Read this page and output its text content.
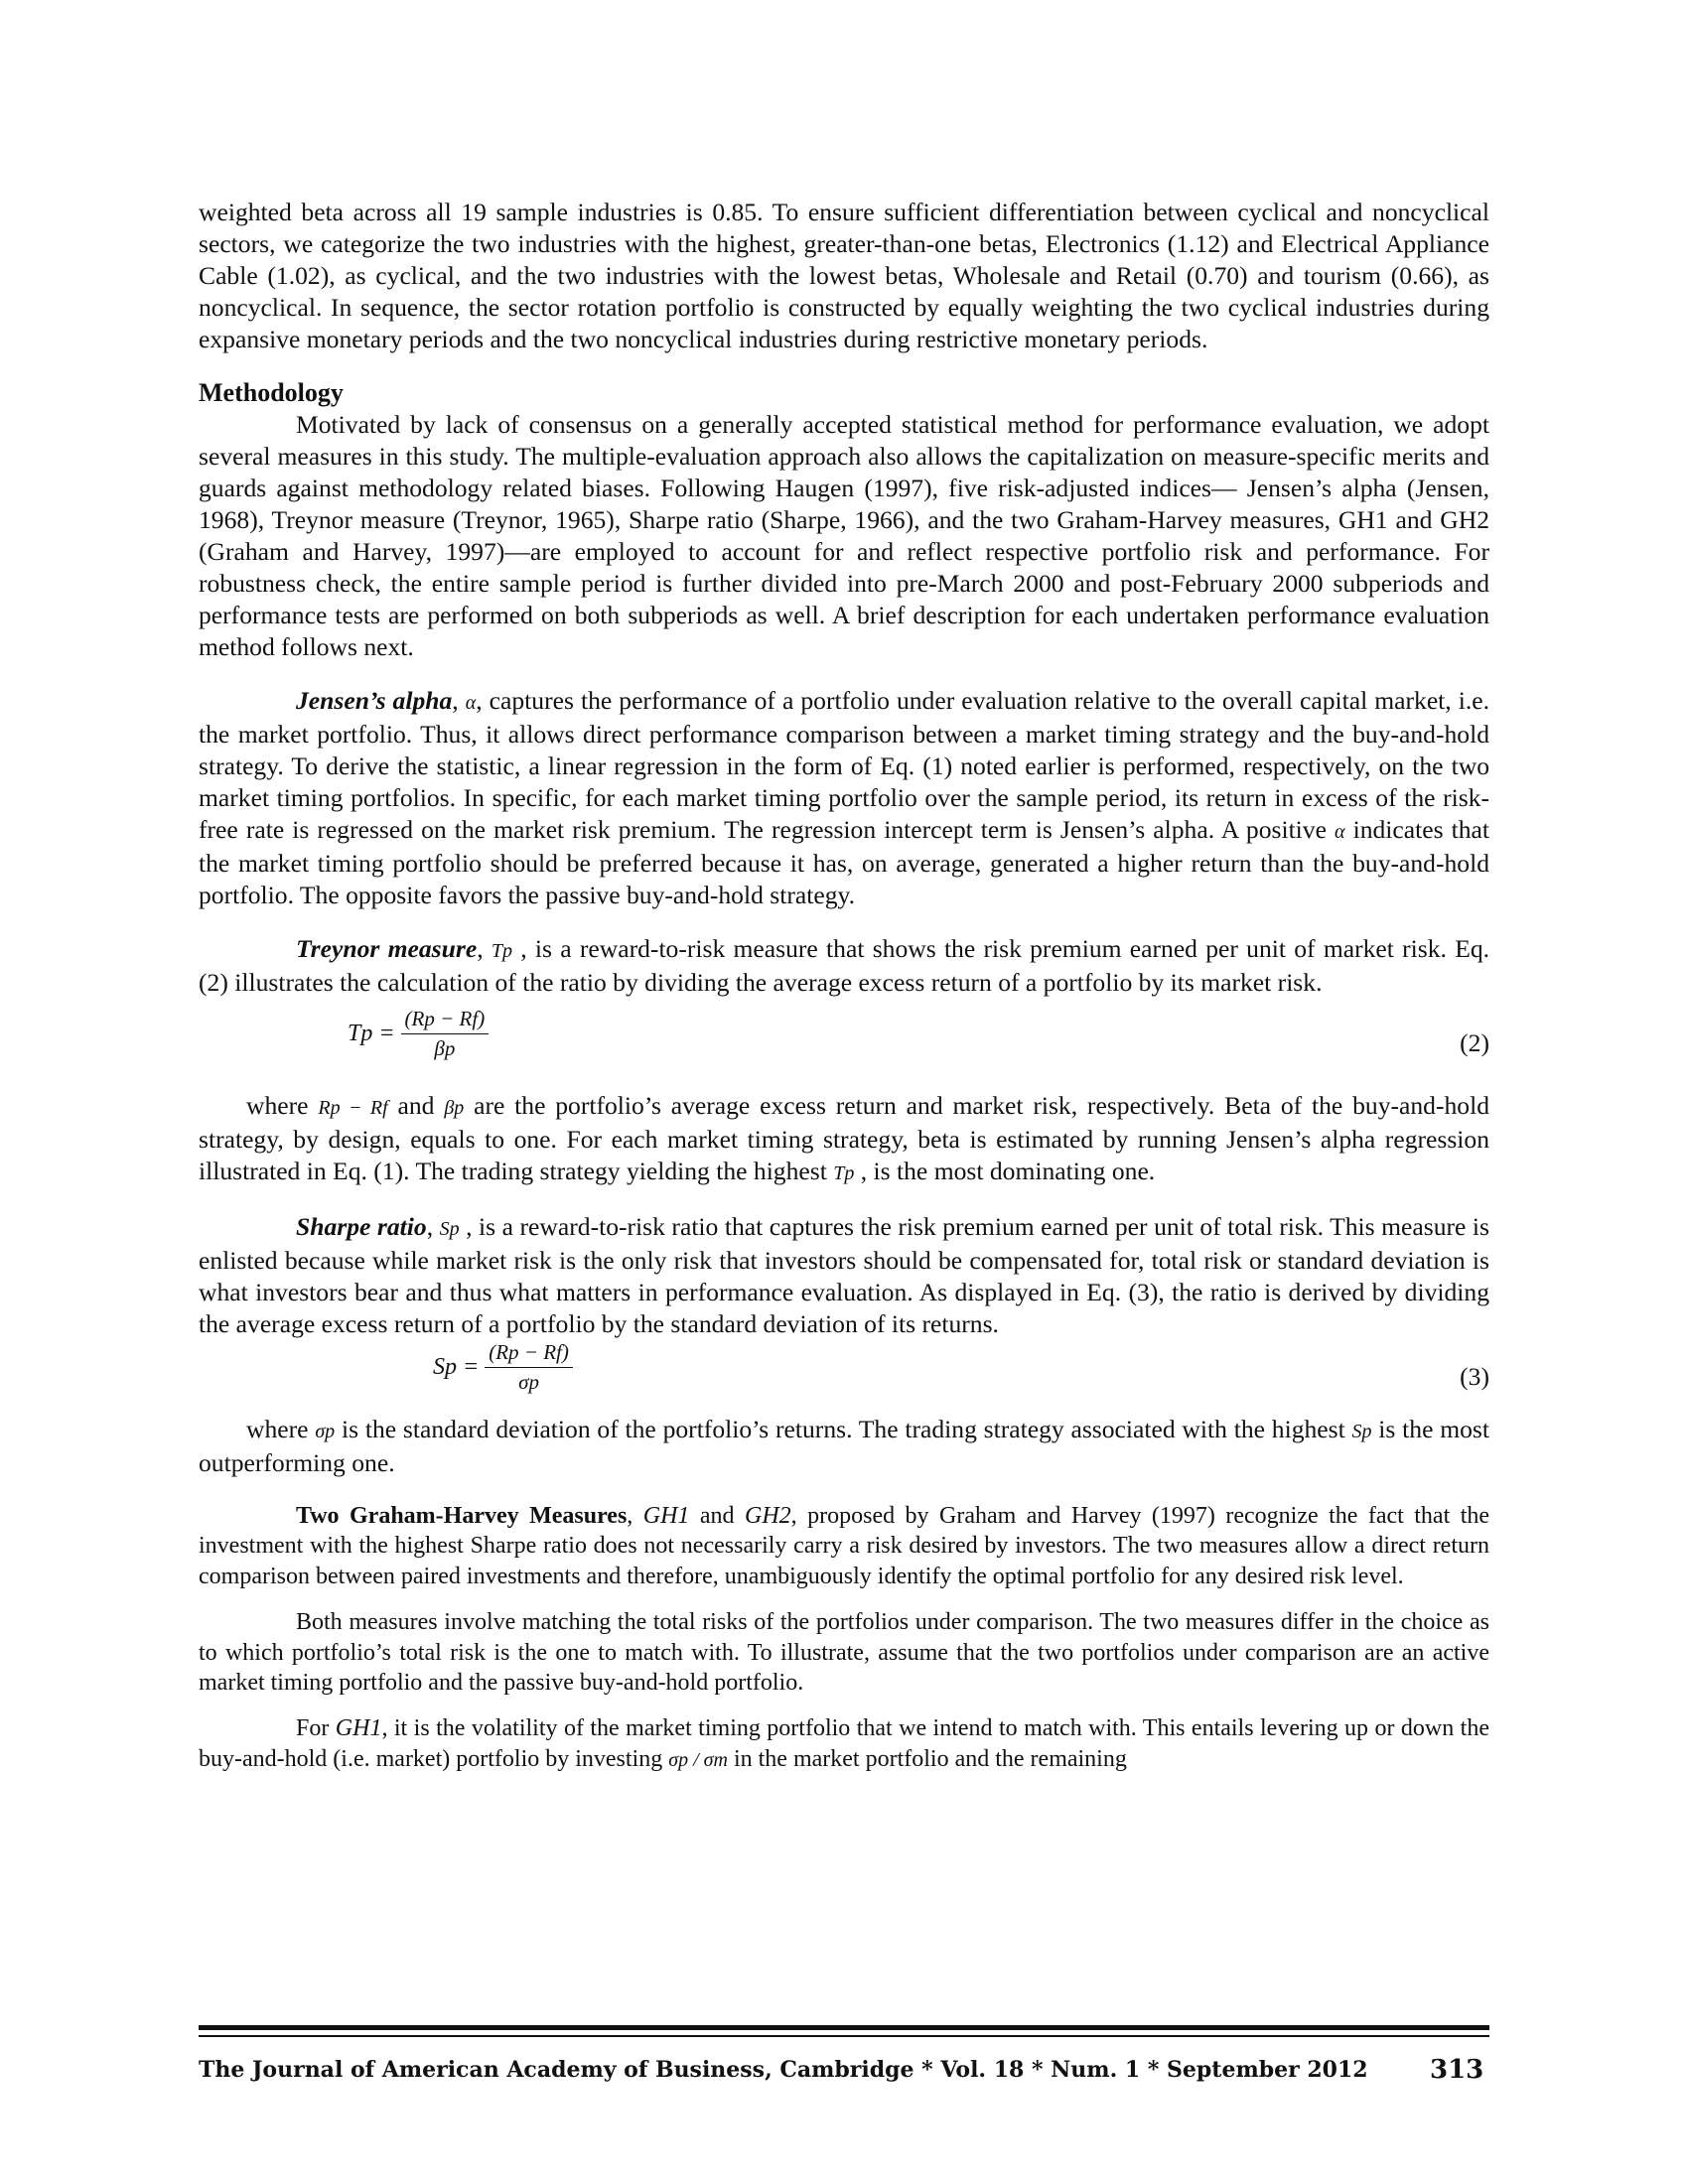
weighted beta across all 19 sample industries is 0.85. To ensure sufficient differentiation between cyclical and noncyclical sectors, we categorize the two industries with the highest, greater-than-one betas, Electronics (1.12) and Electrical Appliance Cable (1.02), as cyclical, and the two industries with the lowest betas, Wholesale and Retail (0.70) and tourism (0.66), as noncyclical. In sequence, the sector rotation portfolio is constructed by equally weighting the two cyclical industries during expansive monetary periods and the two noncyclical industries during restrictive monetary periods.

Methodology

Motivated by lack of consensus on a generally accepted statistical method for performance evaluation, we adopt several measures in this study. The multiple-evaluation approach also allows the capitalization on measure-specific merits and guards against methodology related biases. Following Haugen (1997), five risk-adjusted indices— Jensen’s alpha (Jensen, 1968), Treynor measure (Treynor, 1965), Sharpe ratio (Sharpe, 1966), and the two Graham-Harvey measures, GH1 and GH2 (Graham and Harvey, 1997)—are employed to account for and reflect respective portfolio risk and performance. For robustness check, the entire sample period is further divided into pre-March 2000 and post-February 2000 subperiods and performance tests are performed on both subperiods as well. A brief description for each undertaken performance evaluation method follows next.

Jensen’s alpha, α, captures the performance of a portfolio under evaluation relative to the overall capital market, i.e. the market portfolio. Thus, it allows direct performance comparison between a market timing strategy and the buy-and-hold strategy. To derive the statistic, a linear regression in the form of Eq. (1) noted earlier is performed, respectively, on the two market timing portfolios. In specific, for each market timing portfolio over the sample period, its return in excess of the risk-free rate is regressed on the market risk premium. The regression intercept term is Jensen’s alpha. A positive α indicates that the market timing portfolio should be preferred because it has, on average, generated a higher return than the buy-and-hold portfolio. The opposite favors the passive buy-and-hold strategy.

Treynor measure, Tp , is a reward-to-risk measure that shows the risk premium earned per unit of market risk. Eq. (2) illustrates the calculation of the ratio by dividing the average excess return of a portfolio by its market risk.

$Tp = \frac{(Rp - Rf)}{\beta p}$	(2)

where Rp − Rf and βp are the portfolio’s average excess return and market risk, respectively. Beta of the buy-and-hold strategy, by design, equals to one. For each market timing strategy, beta is estimated by running Jensen’s alpha regression illustrated in Eq. (1). The trading strategy yielding the highest Tp , is the most dominating one.

Sharpe ratio, Sp , is a reward-to-risk ratio that captures the risk premium earned per unit of total risk. This measure is enlisted because while market risk is the only risk that investors should be compensated for, total risk or standard deviation is what investors bear and thus what matters in performance evaluation. As displayed in Eq. (3), the ratio is derived by dividing the average excess return of a portfolio by the standard deviation of its returns.

$Sp = \frac{(Rp - Rf)}{\sigma p}$	(3)

where σp is the standard deviation of the portfolio’s returns. The trading strategy associated with the highest Sp is the most outperforming one.

Two Graham-Harvey Measures, GH1 and GH2, proposed by Graham and Harvey (1997) recognize the fact that the investment with the highest Sharpe ratio does not necessarily carry a risk desired by investors. The two measures allow a direct return comparison between paired investments and therefore, unambiguously identify the optimal portfolio for any desired risk level.

Both measures involve matching the total risks of the portfolios under comparison. The two measures differ in the choice as to which portfolio’s total risk is the one to match with. To illustrate, assume that the two portfolios under comparison are an active market timing portfolio and the passive buy-and-hold portfolio.

For GH1, it is the volatility of the market timing portfolio that we intend to match with. This entails levering up or down the buy-and-hold (i.e. market) portfolio by investing σp / σm in the market portfolio and the remaining

The Journal of American Academy of Business, Cambridge * Vol. 18 * Num. 1 * September 2012 313
